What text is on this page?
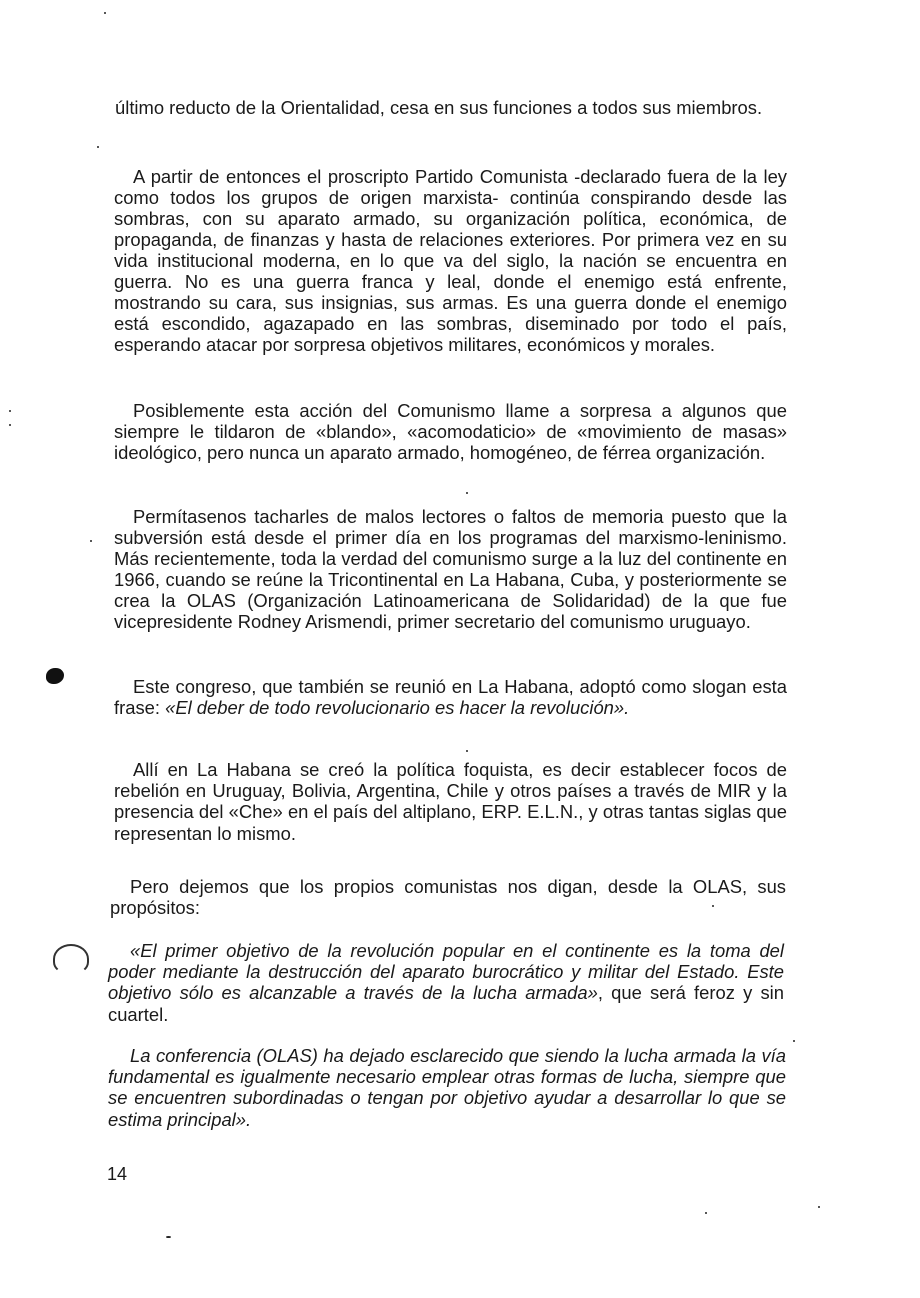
último reducto de la Orientalidad, cesa en sus funciones a todos sus miembros.

A partir de entonces el proscripto Partido Comunista -declarado fuera de la ley como todos los grupos de origen marxista- continúa conspirando desde las sombras, con su aparato armado, su organización política, económica, de propaganda, de finanzas y hasta de relaciones exteriores. Por primera vez en su vida institucional moderna, en lo que va del siglo, la nación se encuentra en guerra. No es una guerra franca y leal, donde el enemigo está enfrente, mostrando su cara, sus insignias, sus armas. Es una guerra donde el enemigo está escondido, agazapado en las sombras, diseminado por todo el país, esperando atacar por sorpresa objetivos militares, económicos y morales.

Posiblemente esta acción del Comunismo llame a sorpresa a algunos que siempre le tildaron de «blando», «acomodaticio» de «movimiento de masas» ideológico, pero nunca un aparato armado, homogéneo, de férrea organización.

Permítasenos tacharles de malos lectores o faltos de memoria puesto que la subversión está desde el primer día en los programas del marxismo-leninismo. Más recientemente, toda la verdad del comunismo surge a la luz del continente en 1966, cuando se reúne la Tricontinental en La Habana, Cuba, y posteriormente se crea la OLAS (Organización Latinoamericana de Solidaridad) de la que fue vicepresidente Rodney Arismendi, primer secretario del comunismo uruguayo.

Este congreso, que también se reunió en La Habana, adoptó como slogan esta frase: «El deber de todo revolucionario es hacer la revolución».

Allí en La Habana se creó la política foquista, es decir establecer focos de rebelión en Uruguay, Bolivia, Argentina, Chile y otros países a través de MIR y la presencia del «Che» en el país del altiplano, ERP. E.L.N., y otras tantas siglas que representan lo mismo.

Pero dejemos que los propios comunistas nos digan, desde la OLAS, sus propósitos:

«El primer objetivo de la revolución popular en el continente es la toma del poder mediante la destrucción del aparato burocrático y militar del Estado. Este objetivo sólo es alcanzable a través de la lucha armada», que será feroz y sin cuartel.

La conferencia (OLAS) ha dejado esclarecido que siendo la lucha armada la vía fundamental es igualmente necesario emplear otras formas de lucha, siempre que se encuentren subordinadas o tengan por objetivo ayudar a desarrollar lo que se estima principal».

14
